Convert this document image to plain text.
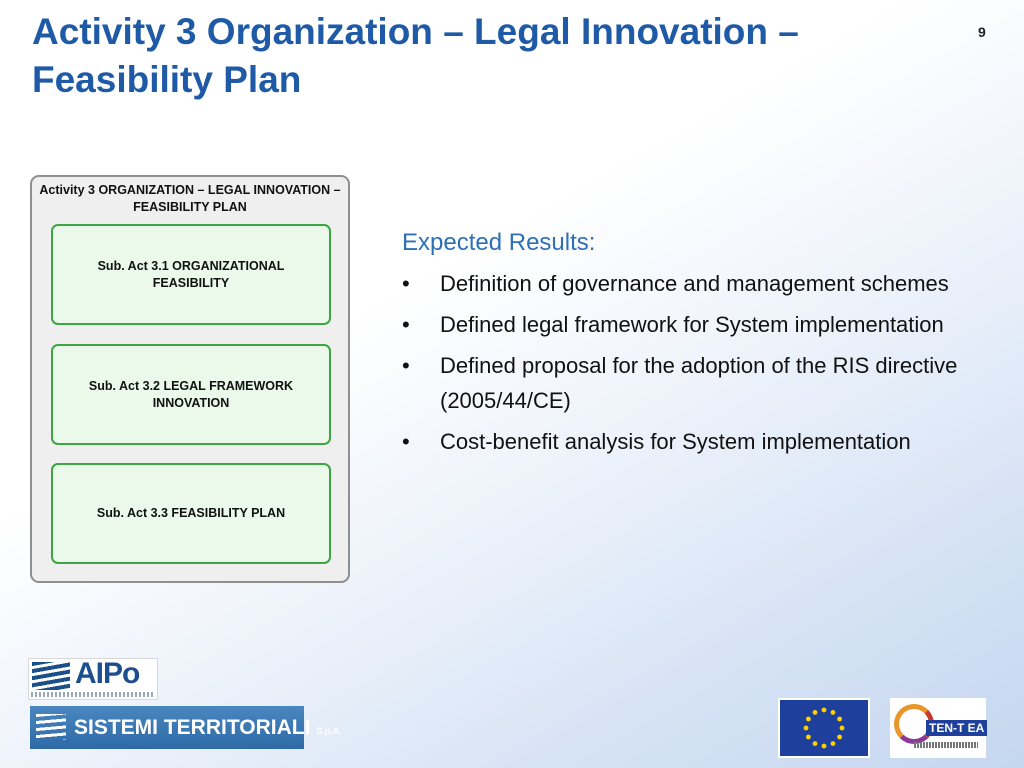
Activity 3 Organization – Legal Innovation – Feasibility Plan
9
Activity 3 ORGANIZATION – LEGAL INNOVATION – FEASIBILITY PLAN
Sub. Act 3.1 ORGANIZATIONAL FEASIBILITY
Sub. Act 3.2 LEGAL FRAMEWORK INNOVATION
Sub. Act 3.3 FEASIBILITY PLAN
Expected Results:
• Definition of governance and management schemes
• Defined legal framework for System implementation
• Defined proposal for the adoption of the RIS directive (2005/44/CE)
• Cost-benefit analysis for System implementation
AIPo
SISTEMI TERRITORIALI S.p.A.	TEN-T EA
